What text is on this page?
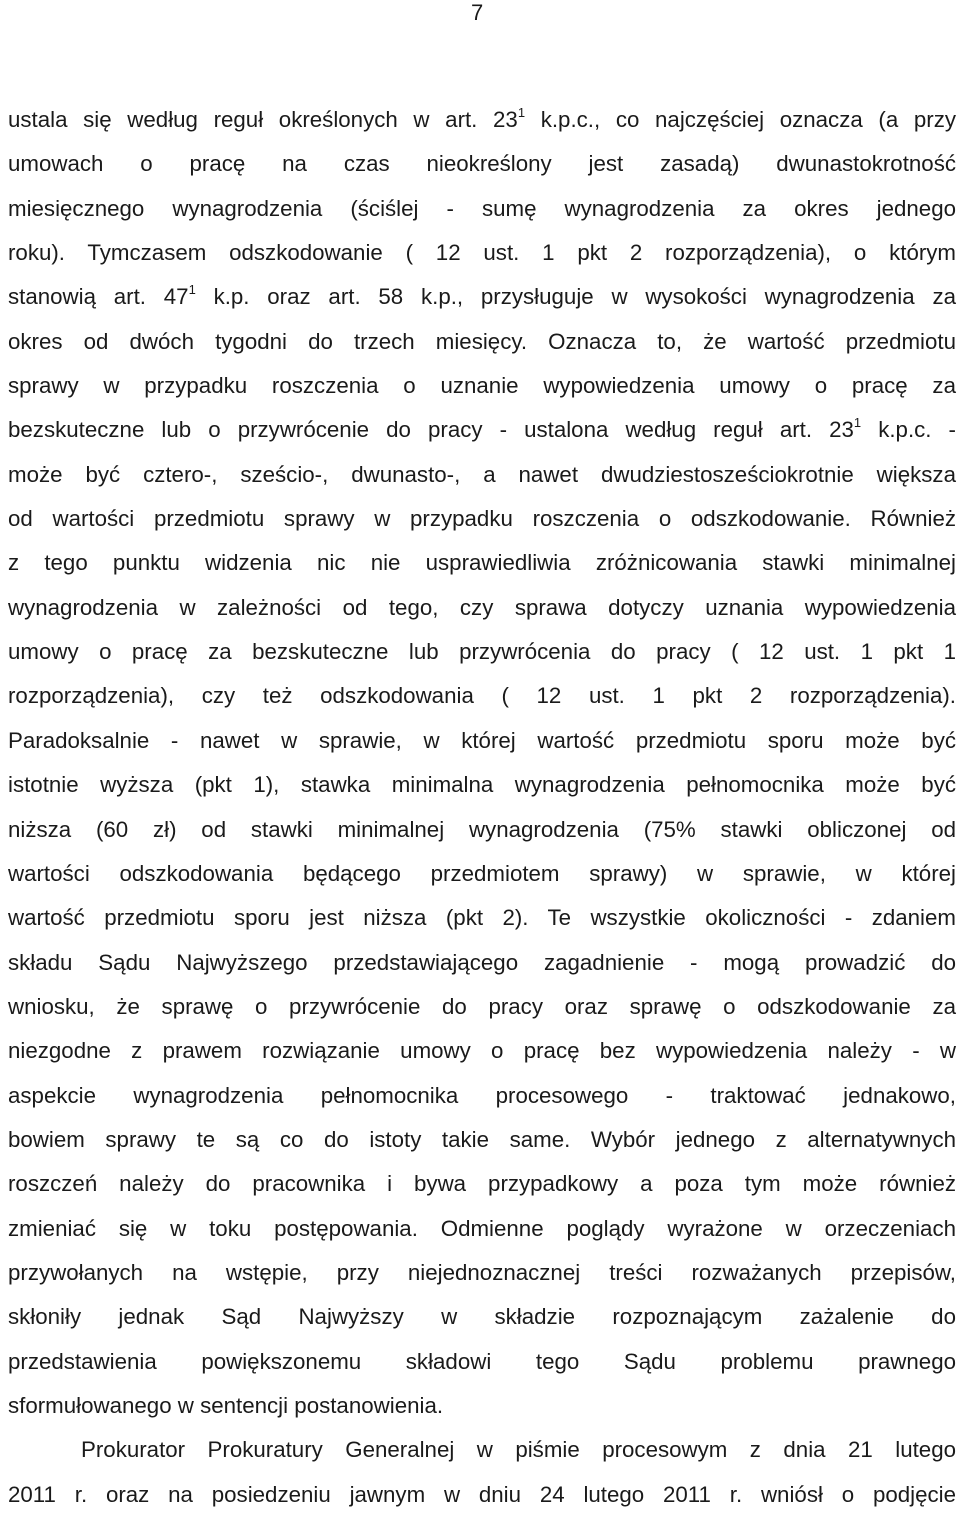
7
ustala się według reguł określonych w art. $23^1$ k.p.c., co najczęściej oznacza (a przy
umowach o pracę na czas nieokreślony jest zasadą) dwunastokrotność
miesięcznego wynagrodzenia (ściślej - sumę wynagrodzenia za okres jednego
roku). Tymczasem odszkodowanie ( 12 ust. 1 pkt 2 rozporządzenia), o którym
stanowią art. $47^1$ k.p. oraz art. 58 k.p., przysługuje w wysokości wynagrodzenia za
okres od dwóch tygodni do trzech miesięcy. Oznacza to, że wartość przedmiotu
sprawy w przypadku roszczenia o uznanie wypowiedzenia umowy o pracę za
bezskuteczne lub o przywrócenie do pracy - ustalona według reguł art. $23^1$ k.p.c. -
może być cztero-, sześcio-, dwunasto-, a nawet dwudziestosześciokrotnie większa
od wartości przedmiotu sprawy w przypadku roszczenia o odszkodowanie. Również
z tego punktu widzenia nic nie usprawiedliwia zróżnicowania stawki minimalnej
wynagrodzenia w zależności od tego, czy sprawa dotyczy uznania wypowiedzenia
umowy o pracę za bezskuteczne lub przywrócenia do pracy ( 12 ust. 1 pkt 1
rozporządzenia), czy też odszkodowania ( 12 ust. 1 pkt 2 rozporządzenia).
Paradoksalnie - nawet w sprawie, w której wartość przedmiotu sporu może być
istotnie wyższa (pkt 1), stawka minimalna wynagrodzenia pełnomocnika może być
niższa (60 zł) od stawki minimalnej wynagrodzenia (75% stawki obliczonej od
wartości odszkodowania będącego przedmiotem sprawy) w sprawie, w której
wartość przedmiotu sporu jest niższa (pkt 2). Te wszystkie okoliczności - zdaniem
składu Sądu Najwyższego przedstawiającego zagadnienie - mogą prowadzić do
wniosku, że sprawę o przywrócenie do pracy oraz sprawę o odszkodowanie za
niezgodne z prawem rozwiązanie umowy o pracę bez wypowiedzenia należy - w
aspekcie wynagrodzenia pełnomocnika procesowego - traktować jednakowo,
bowiem sprawy te są co do istoty takie same. Wybór jednego z alternatywnych
roszczeń należy do pracownika i bywa przypadkowy a poza tym może również
zmieniać się w toku postępowania. Odmienne poglądy wyrażone w orzeczeniach
przywołanych na wstępie, przy niejednoznacznej treści rozważanych przepisów,
skłoniły jednak Sąd Najwyższy w składzie rozpoznającym zażalenie do
przedstawienia powiększonemu składowi tego Sądu problemu prawnego
sformułowanego w sentencji postanowienia.
Prokurator Prokuratury Generalnej w piśmie procesowym z dnia 21 lutego
2011 r. oraz na posiedzeniu jawnym w dniu 24 lutego 2011 r. wniósł o podjęcie
